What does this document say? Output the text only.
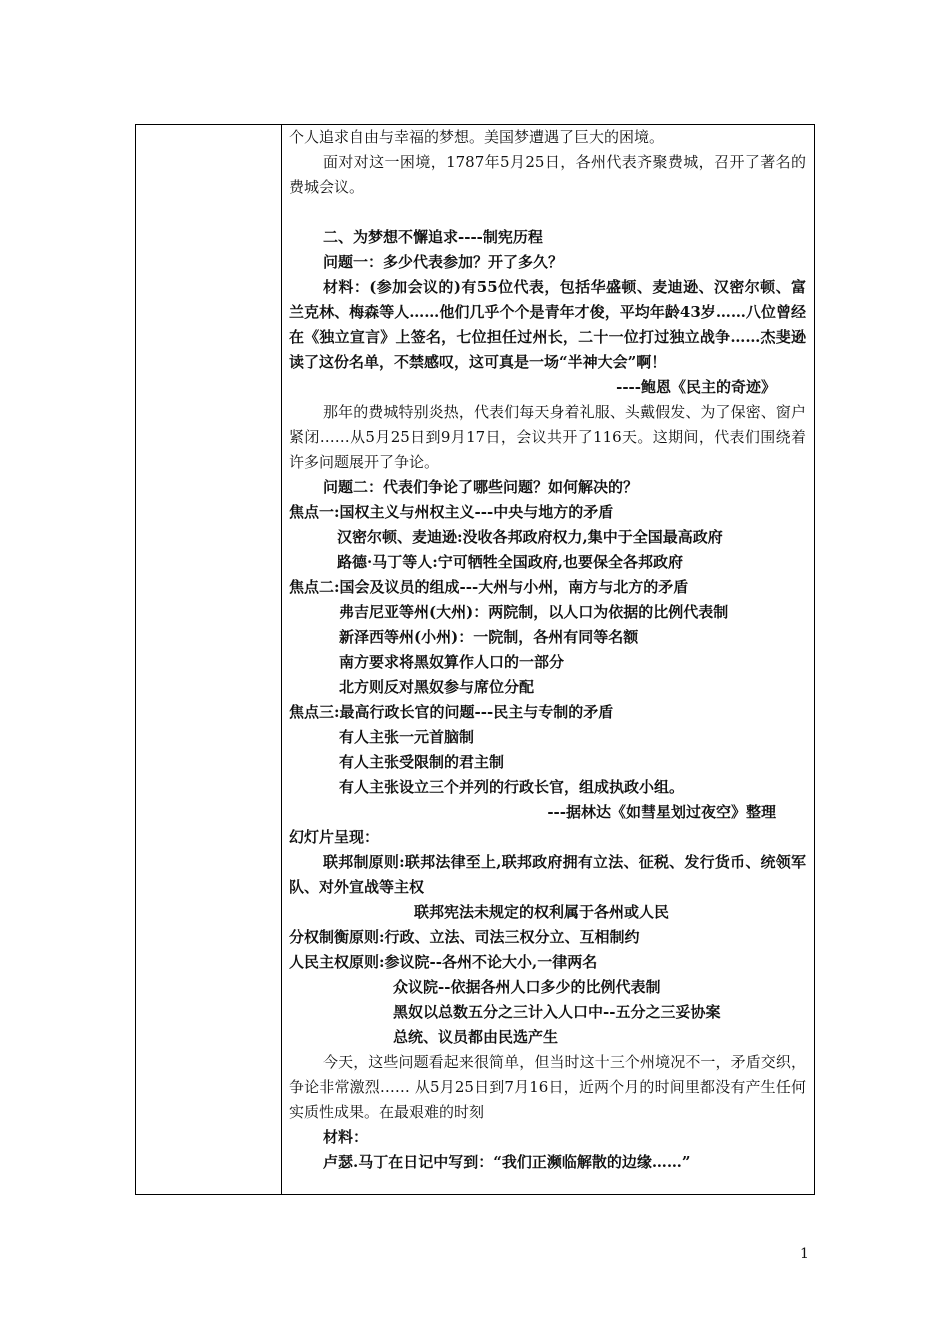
个人追求自由与幸福的梦想。美国梦遭遇了巨大的困境。
面对对这一困境，1787年5月25日，各州代表齐聚费城，召开了著名的费城会议。
二、为梦想不懈追求----制宪历程
问题一：多少代表参加？开了多久？
材料：(参加会议的)有55位代表，包括华盛顿、麦迪逊、汉密尔顿、富兰克林、梅森等人……他们几乎个个是青年才俊，平均年龄43岁……八位曾经在《独立宣言》上签名，七位担任过州长，二十一位打过独立战争……杰斐逊读了这份名单，不禁感叹，这可真是一场“半神大会”啊！
----鲍恩《民主的奇迹》
那年的费城特别炎热，代表们每天身着礼服、头戴假发、为了保密、窗户紧闭……从5月25日到9月17日，会议共开了116天。这期间，代表们围绕着许多问题展开了争论。
问题二：代表们争论了哪些问题？如何解决的？
焦点一:国权主义与州权主义---中央与地方的矛盾
汉密尔顿、麦迪逊:没收各邦政府权力,集中于全国最高政府
路德·马丁等人:宁可牺牲全国政府,也要保全各邦政府
焦点二:国会及议员的组成---大州与小州，南方与北方的矛盾
弗吉尼亚等州(大州)：两院制，以人口为依据的比例代表制
新泽西等州(小州)：一院制，各州有同等名额
南方要求将黑奴算作人口的一部分
北方则反对黑奴参与席位分配
焦点三:最高行政长官的问题---民主与专制的矛盾
有人主张一元首脑制
有人主张受限制的君主制
有人主张设立三个并列的行政长官，组成执政小组。
---据林达《如彗星划过夜空》整理
幻灯片呈现：
联邦制原则:联邦法律至上,联邦政府拥有立法、征税、发行货币、统领军队、对外宣战等主权
联邦宪法未规定的权利属于各州或人民
分权制衡原则:行政、立法、司法三权分立、互相制约
人民主权原则:参议院--各州不论大小,一律两名
众议院--依据各州人口多少的比例代表制
黑奴以总数五分之三计入人口中--五分之三妥协案
总统、议员都由民选产生
今天，这些问题看起来很简单，但当时这十三个州境况不一，矛盾交织，争论非常激烈…… 从5月25日到7月16日，近两个月的时间里都没有产生任何实质性成果。在最艰难的时刻
材料：
卢瑟.马丁在日记中写到：“我们正濒临解散的边缘……”
1
